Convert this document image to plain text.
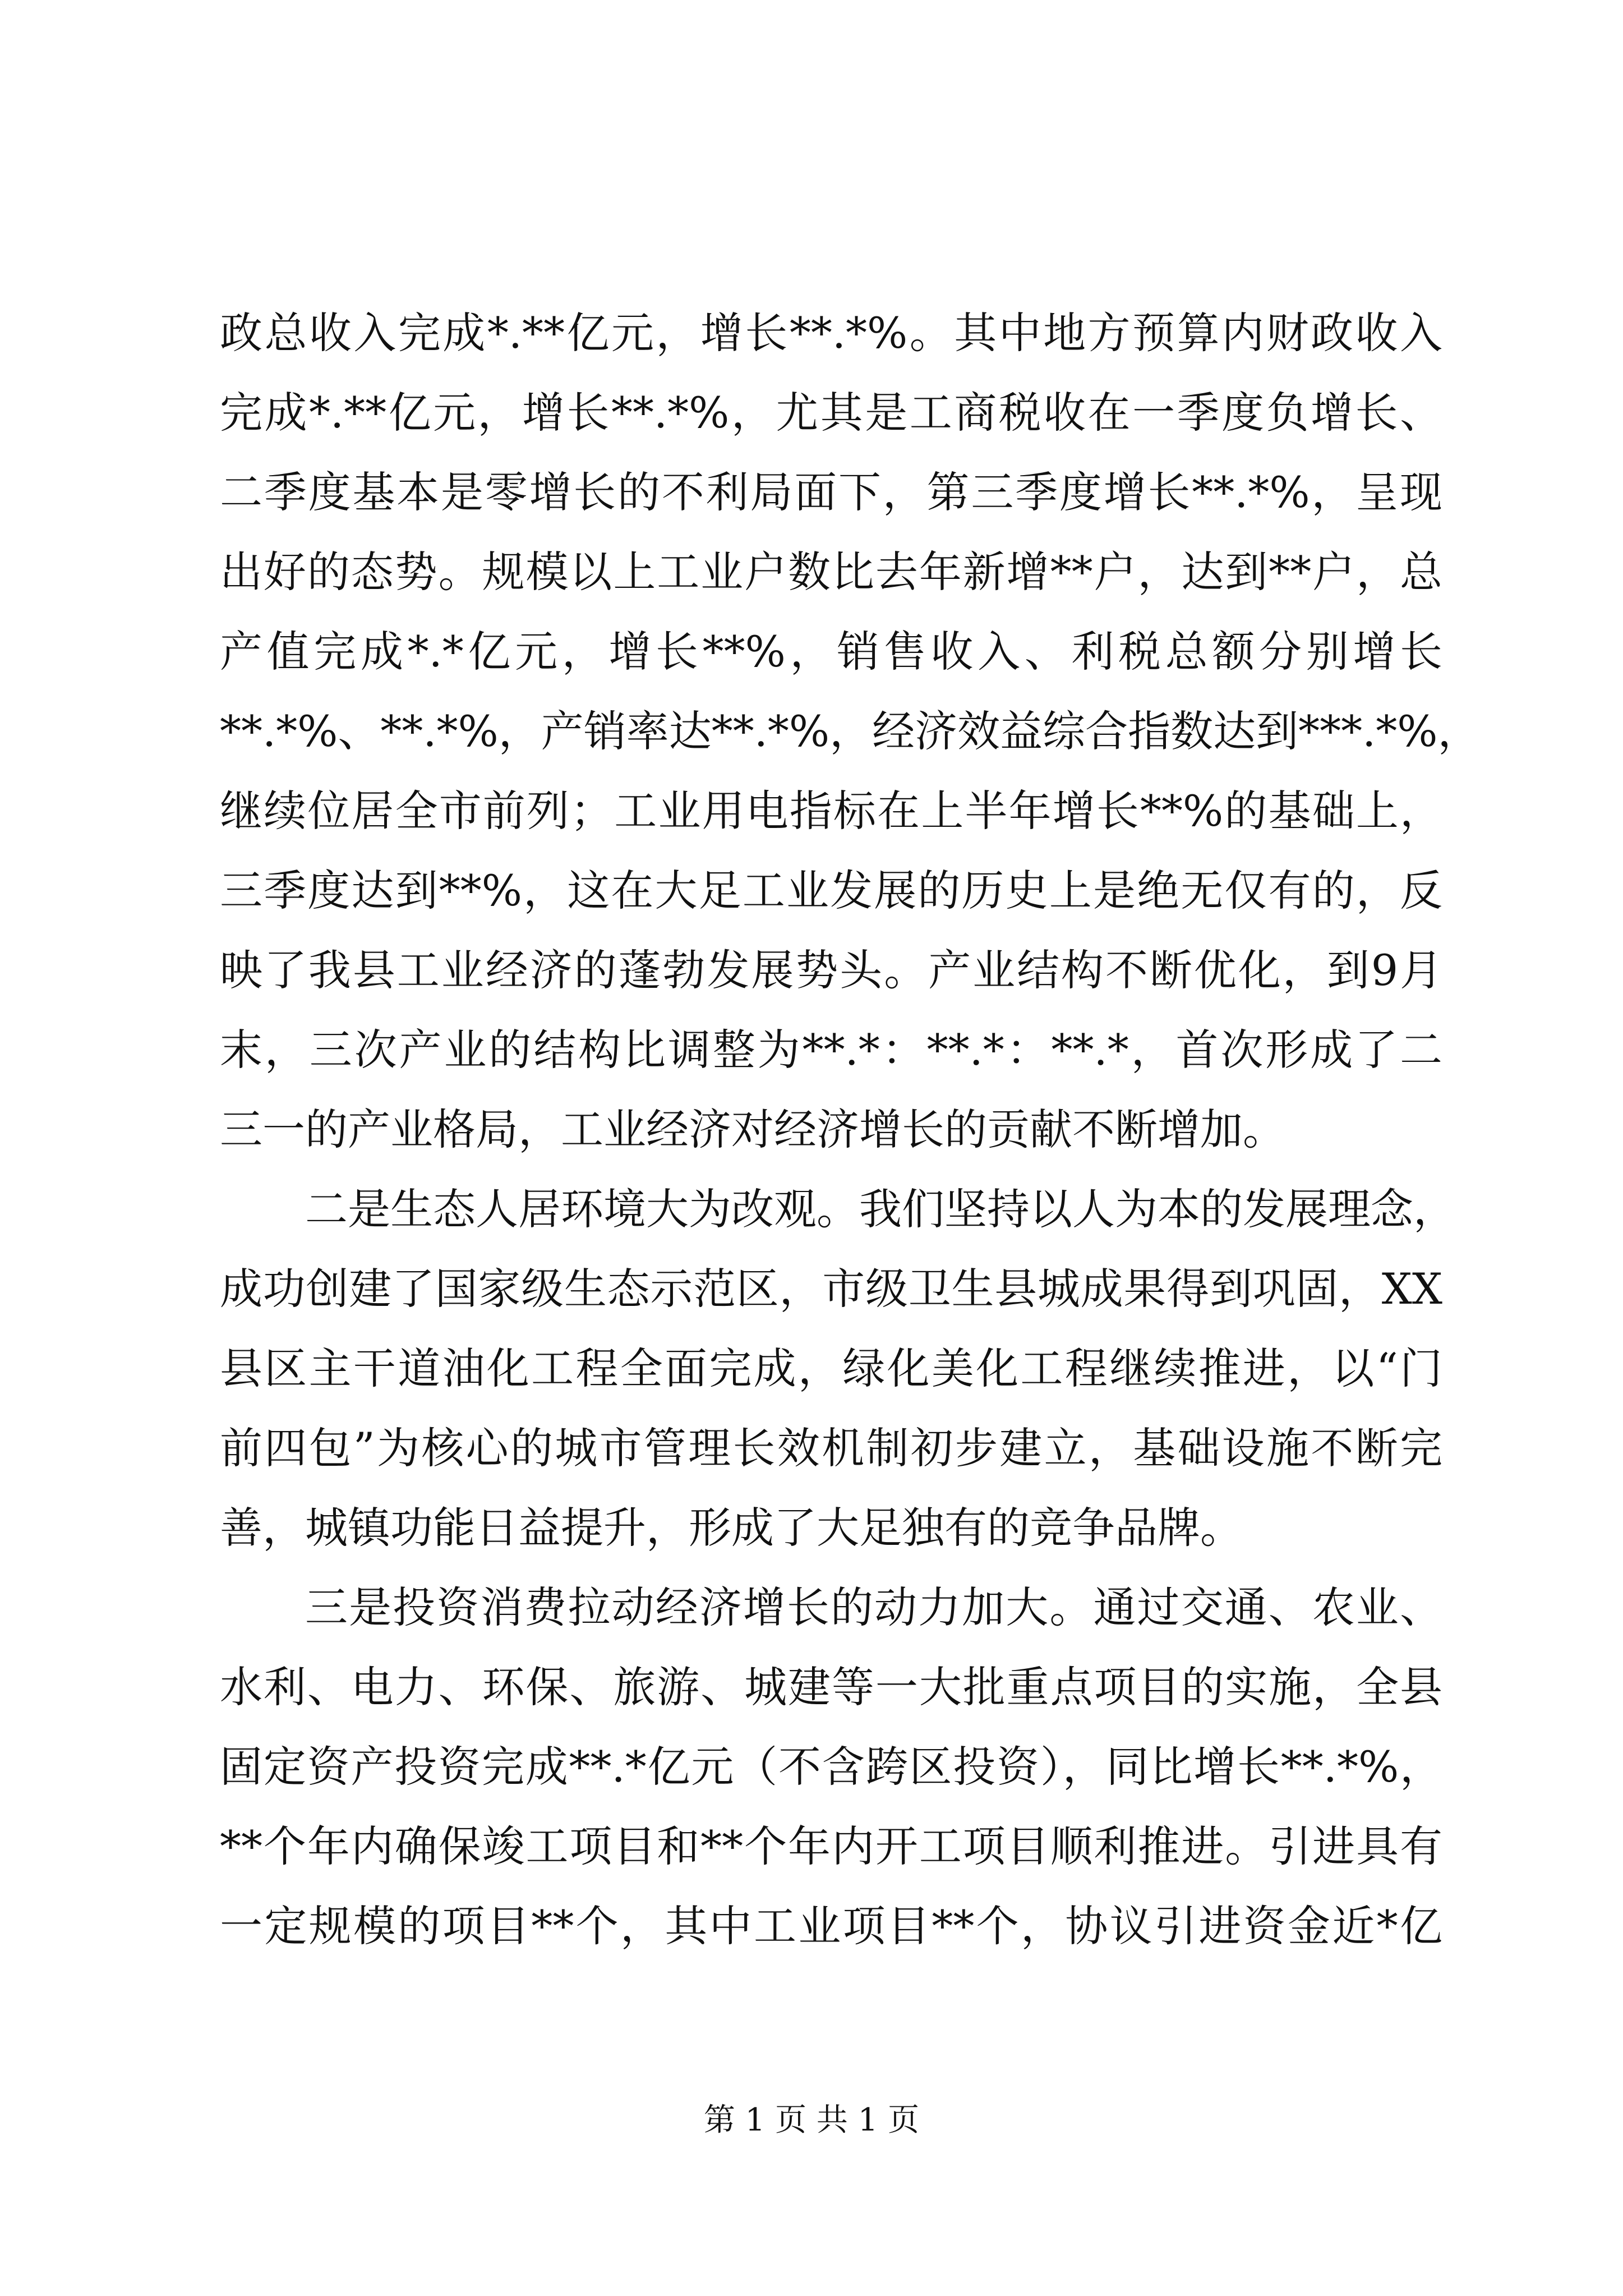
政总收入完成*.**亿元，增长**.*%。其中地方预算内财政收入
完成*.**亿元，增长**.*%，尤其是工商税收在一季度负增长、
二季度基本是零增长的不利局面下，第三季度增长**.*%，呈现
出好的态势。规模以上工业户数比去年新增**户，达到**户，总
产值完成*.*亿元，增长**%，销售收入、利税总额分别增长
**.*%、**.*%，产销率达**.*%，经济效益综合指数达到***.*%，
继续位居全市前列；工业用电指标在上半年增长**%的基础上，
三季度达到**%，这在大足工业发展的历史上是绝无仅有的，反
映了我县工业经济的蓬勃发展势头。产业结构不断优化，到9月
末，三次产业的结构比调整为**.*：**.*：**.*，首次形成了二
三一的产业格局，工业经济对经济增长的贡献不断增加。
二是生态人居环境大为改观。我们坚持以人为本的发展理念，
成功创建了国家级生态示范区，市级卫生县城成果得到巩固，XX
县区主干道油化工程全面完成，绿化美化工程继续推进，以“门
前四包”为核心的城市管理长效机制初步建立，基础设施不断完
善，城镇功能日益提升，形成了大足独有的竞争品牌。
三是投资消费拉动经济增长的动力加大。通过交通、农业、
水利、电力、环保、旅游、城建等一大批重点项目的实施，全县
固定资产投资完成**.*亿元（不含跨区投资），同比增长**.*%，
**个年内确保竣工项目和**个年内开工项目顺利推进。引进具有
一定规模的项目**个，其中工业项目**个，协议引进资金近*亿
第 1 页 共 1 页
